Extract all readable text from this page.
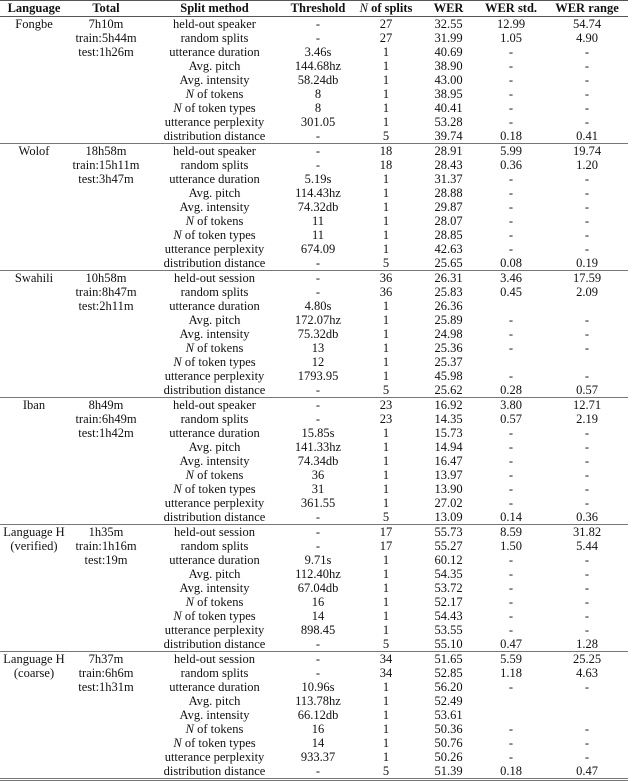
Language	Total	Split method	Threshold	N of splits	WER	WER std.	WER range
Fongbe	7h10m	held-out speaker	-	27	32.55	12.99	54.74
	train:5h44m	random splits	-	27	31.99	1.05	4.90
	test:1h26m	utterance duration	3.46s	1	40.69	-	-
		Avg. pitch	144.68hz	1	38.90	-	-
		Avg. intensity	58.24db	1	43.00	-	-
		N of tokens	8	1	38.95	-	-
		N of token types	8	1	40.41	-	-
		utterance perplexity	301.05	1	53.28	-	-
		distribution distance	-	5	39.74	0.18	0.41
Wolof	18h58m	held-out speaker	-	18	28.91	5.99	19.74
	train:15h11m	random splits	-	18	28.43	0.36	1.20
	test:3h47m	utterance duration	5.19s	1	31.37	-	-
		Avg. pitch	114.43hz	1	28.88	-	-
		Avg. intensity	74.32db	1	29.87	-	-
		N of tokens	11	1	28.07	-	-
		N of token types	11	1	28.85	-	-
		utterance perplexity	674.09	1	42.63	-	-
		distribution distance	-	5	25.65	0.08	0.19
Swahili	10h58m	held-out session	-	36	26.31	3.46	17.59
	train:8h47m	random splits	-	36	25.83	0.45	2.09
	test:2h11m	utterance duration	4.80s	1	26.36		
		Avg. pitch	172.07hz	1	25.89	-	-
		Avg. intensity	75.32db	1	24.98	-	-
		N of tokens	13	1	25.36	-	-
		N of token types	12	1	25.37		
		utterance perplexity	1793.95	1	45.98	-	-
		distribution distance	-	5	25.62	0.28	0.57
Iban	8h49m	held-out speaker	-	23	16.92	3.80	12.71
	train:6h49m	random splits	-	23	14.35	0.57	2.19
	test:1h42m	utterance duration	15.85s	1	15.73	-	-
		Avg. pitch	141.33hz	1	14.94	-	-
		Avg. intensity	74.34db	1	16.47	-	-
		N of tokens	36	1	13.97	-	-
		N of token types	31	1	13.90	-	-
		utterance perplexity	361.55	1	27.02	-	-
		distribution distance	-	5	13.09	0.14	0.36
Language H	1h35m	held-out session	-	17	55.73	8.59	31.82
(verified)	train:1h16m	random splits	-	17	55.27	1.50	5.44
	test:19m	utterance duration	9.71s	1	60.12	-	-
		Avg. pitch	112.40hz	1	54.35	-	-
		Avg. intensity	67.04db	1	53.72	-	-
		N of tokens	16	1	52.17	-	-
		N of token types	14	1	54.43	-	-
		utterance perplexity	898.45	1	53.55	-	-
		distribution distance	-	5	55.10	0.47	1.28
Language H	7h37m	held-out session	-	34	51.65	5.59	25.25
(coarse)	train:6h6m	random splits	-	34	52.85	1.18	4.63
	test:1h31m	utterance duration	10.96s	1	56.20	-	-
		Avg. pitch	113.78hz	1	52.49		
		Avg. intensity	66.12db	1	53.61		
		N of tokens	16	1	50.36	-	-
		N of token types	14	1	50.76	-	-
		utterance perplexity	933.37	1	50.26	-	-
		distribution distance	-	5	51.39	0.18	0.47
